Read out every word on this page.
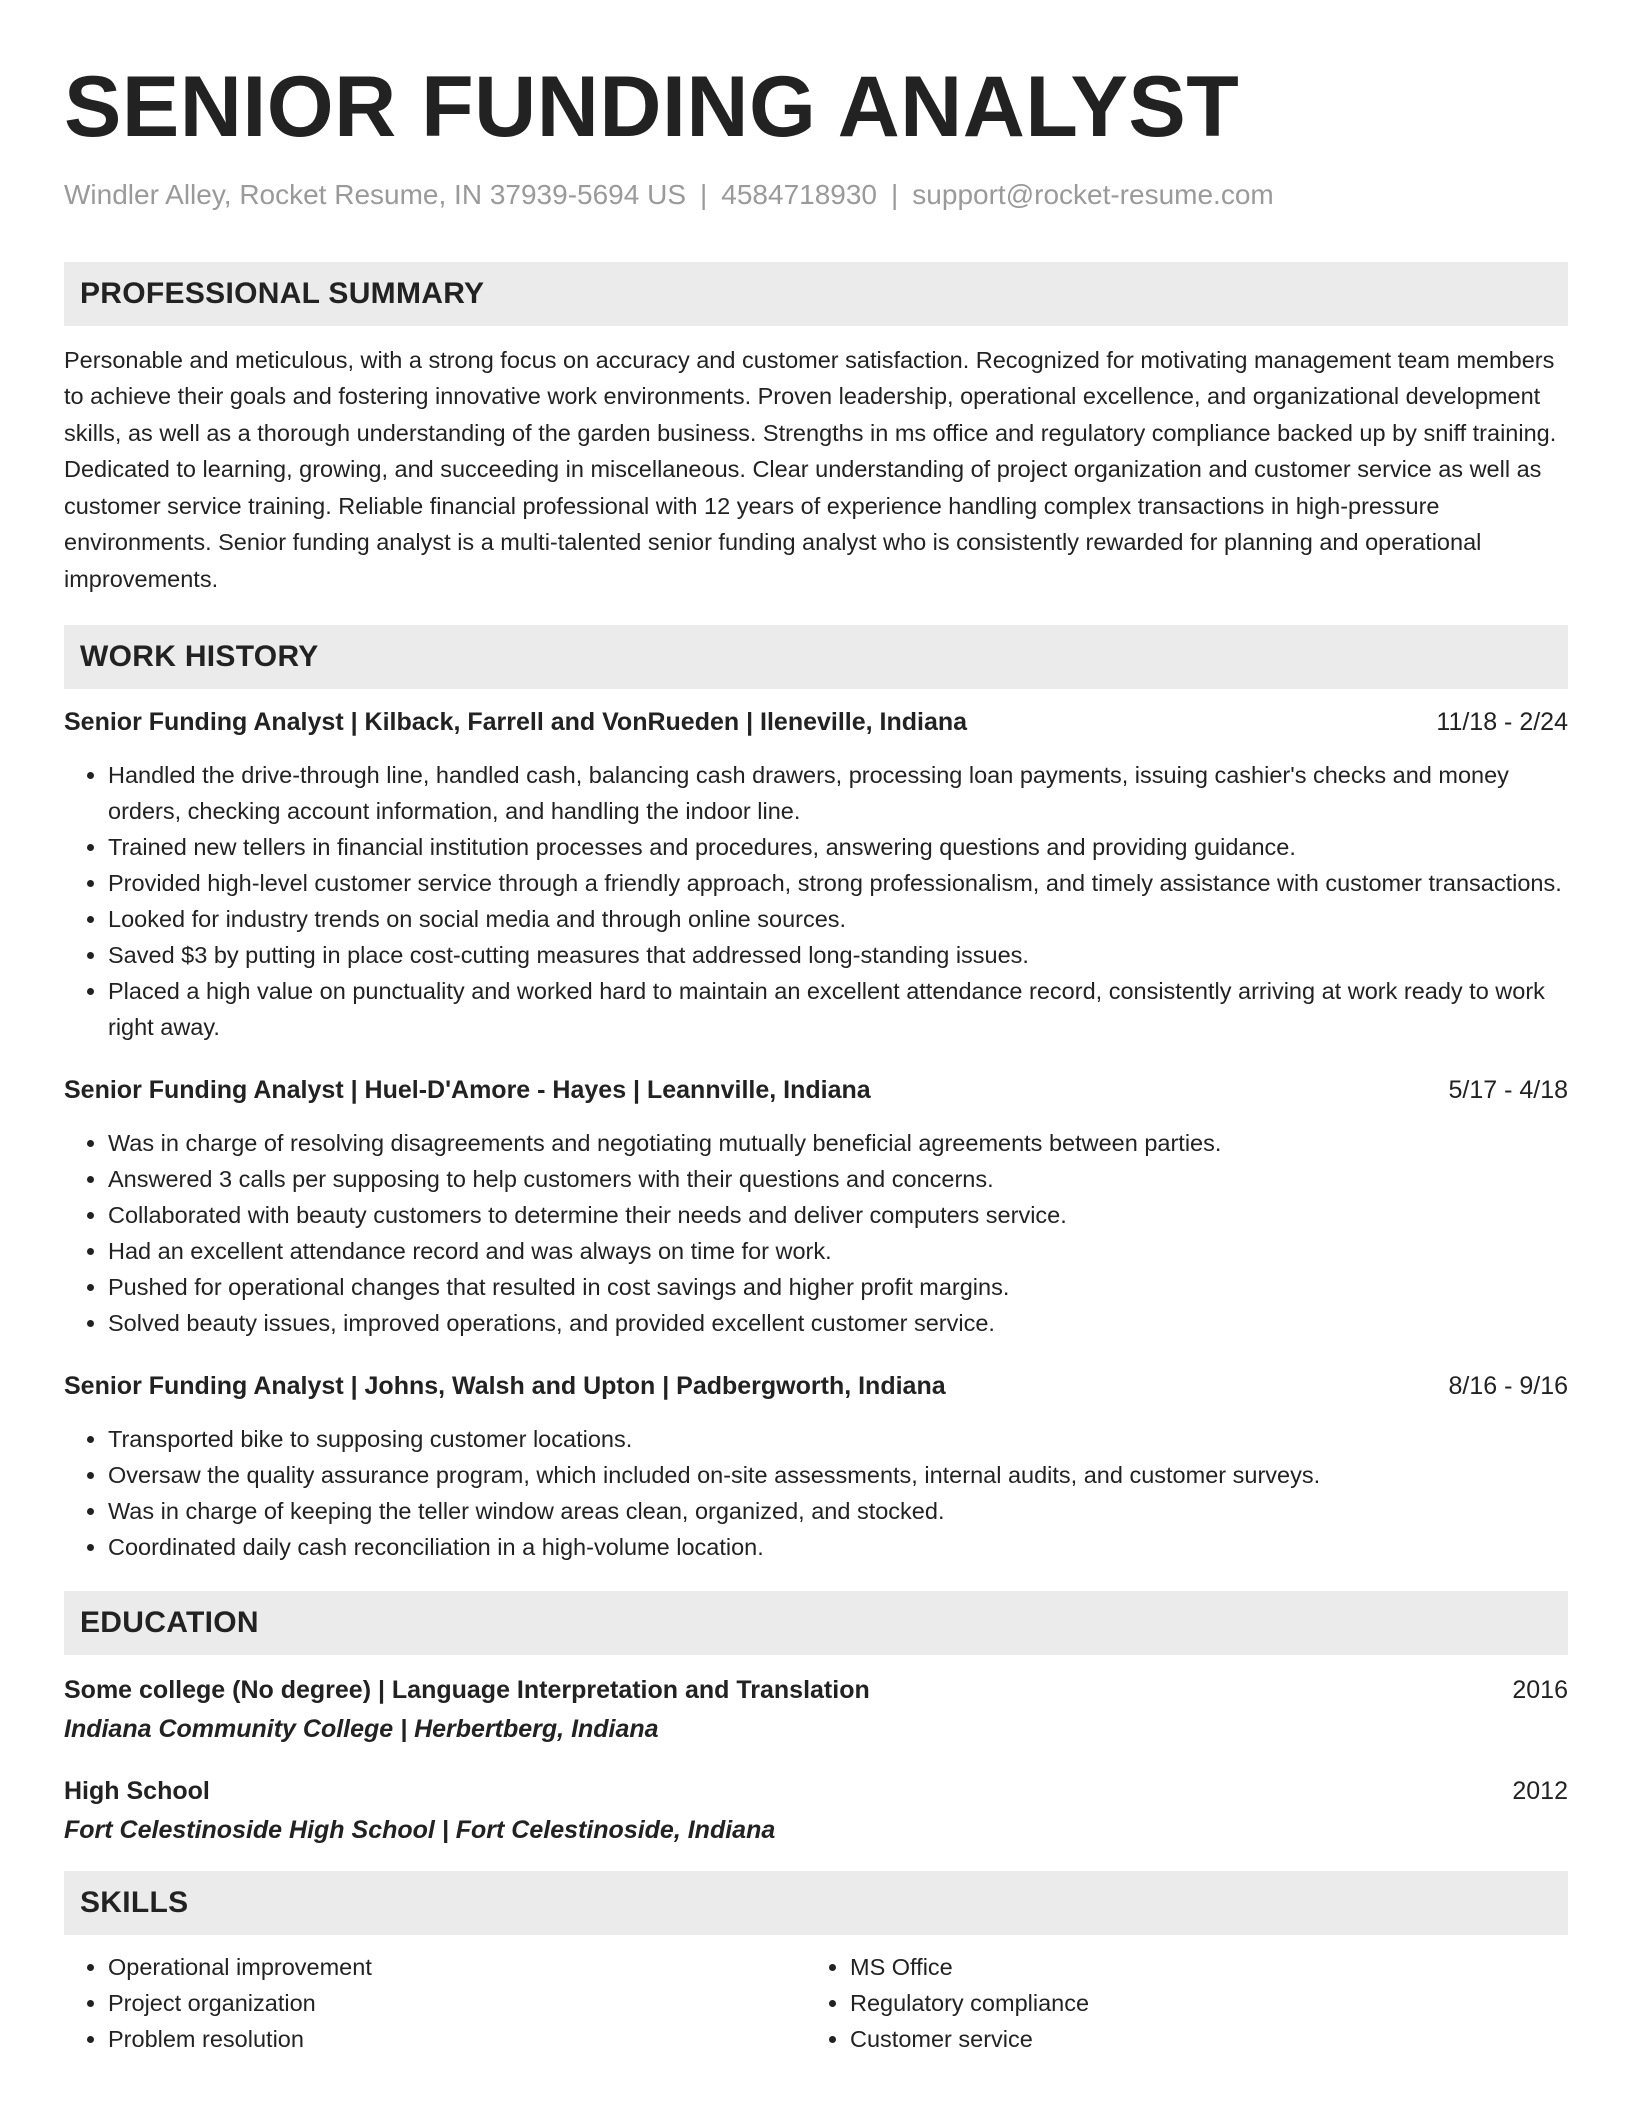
SENIOR FUNDING ANALYST
Windler Alley, Rocket Resume, IN 37939-5694 US | 4584718930 | support@rocket-resume.com
PROFESSIONAL SUMMARY
Personable and meticulous, with a strong focus on accuracy and customer satisfaction. Recognized for motivating management team members to achieve their goals and fostering innovative work environments. Proven leadership, operational excellence, and organizational development skills, as well as a thorough understanding of the garden business. Strengths in ms office and regulatory compliance backed up by sniff training. Dedicated to learning, growing, and succeeding in miscellaneous. Clear understanding of project organization and customer service as well as customer service training. Reliable financial professional with 12 years of experience handling complex transactions in high-pressure environments. Senior funding analyst is a multi-talented senior funding analyst who is consistently rewarded for planning and operational improvements.
WORK HISTORY
Senior Funding Analyst | Kilback, Farrell and VonRueden | Ileneville, Indiana	11/18 - 2/24
• Handled the drive-through line, handled cash, balancing cash drawers, processing loan payments, issuing cashier's checks and money orders, checking account information, and handling the indoor line.
• Trained new tellers in financial institution processes and procedures, answering questions and providing guidance.
• Provided high-level customer service through a friendly approach, strong professionalism, and timely assistance with customer transactions.
• Looked for industry trends on social media and through online sources.
• Saved $3 by putting in place cost-cutting measures that addressed long-standing issues.
• Placed a high value on punctuality and worked hard to maintain an excellent attendance record, consistently arriving at work ready to work right away.
Senior Funding Analyst | Huel-D'Amore - Hayes | Leannville, Indiana	5/17 - 4/18
• Was in charge of resolving disagreements and negotiating mutually beneficial agreements between parties.
• Answered 3 calls per supposing to help customers with their questions and concerns.
• Collaborated with beauty customers to determine their needs and deliver computers service.
• Had an excellent attendance record and was always on time for work.
• Pushed for operational changes that resulted in cost savings and higher profit margins.
• Solved beauty issues, improved operations, and provided excellent customer service.
Senior Funding Analyst | Johns, Walsh and Upton | Padbergworth, Indiana	8/16 - 9/16
• Transported bike to supposing customer locations.
• Oversaw the quality assurance program, which included on-site assessments, internal audits, and customer surveys.
• Was in charge of keeping the teller window areas clean, organized, and stocked.
• Coordinated daily cash reconciliation in a high-volume location.
EDUCATION
Some college (No degree) | Language Interpretation and Translation	2016
Indiana Community College | Herbertberg, Indiana
High School	2012
Fort Celestinoside High School | Fort Celestinoside, Indiana
SKILLS
• Operational improvement
• Project organization
• Problem resolution
• MS Office
• Regulatory compliance
• Customer service
